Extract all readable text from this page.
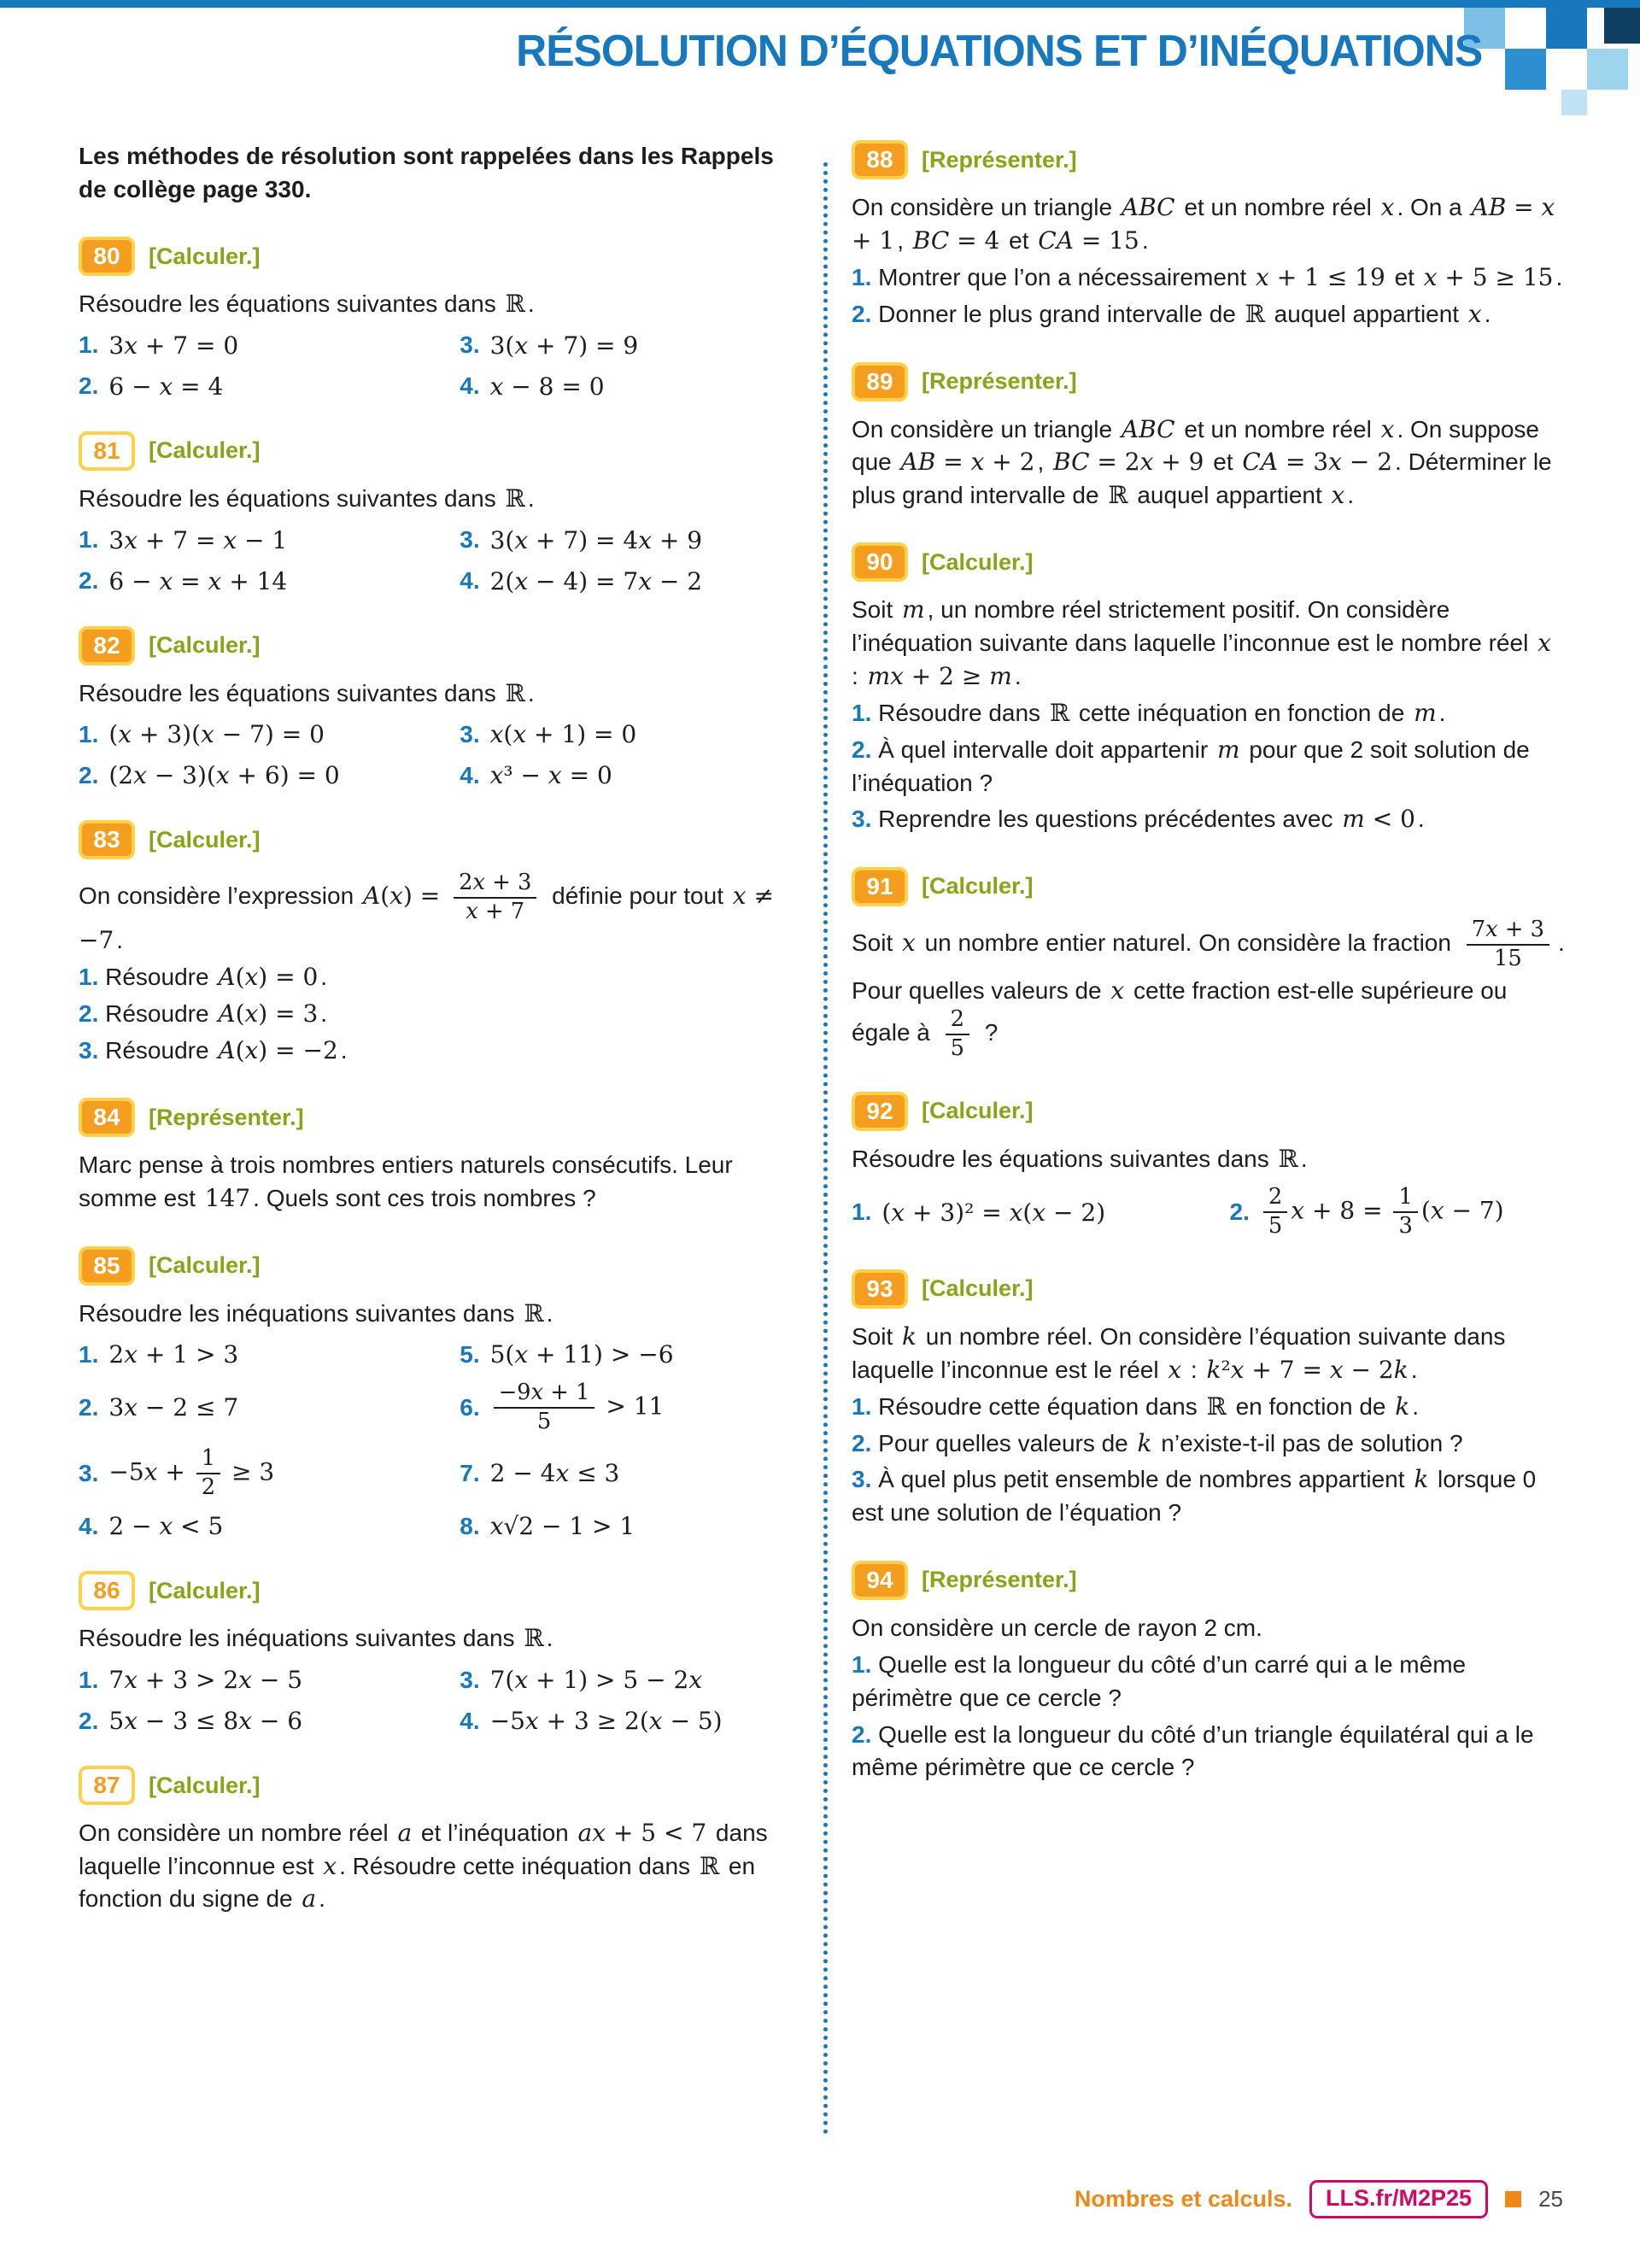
RÉSOLUTION D’ÉQUATIONS ET D’INÉQUATIONS

Les méthodes de résolution sont rappelées dans les Rappels de collège page 330.

80	[Calculer.]

Résoudre les équations suivantes dans ℝ .

1. 3x + 7 = 0	3. 3(x + 7) = 9
2. 6 − x = 4	4. x − 8 = 0
81	[Calculer.]

Résoudre les équations suivantes dans ℝ .

1. 3x + 7 = x − 1	3. 3(x + 7) = 4x + 9
2. 6 − x = x + 14	4. 2(x − 4) = 7x − 2
82	[Calculer.]

Résoudre les équations suivantes dans ℝ .

1. (x + 3)(x − 7) = 0	3. x(x + 1) = 0
2. (2x − 3)(x + 6) = 0	4. x³ − x = 0
83	[Calculer.]

On considère l’expression $A(x) = \frac{2x + 3}{x + 7}$ définie pour tout x ≠ −7 .

1. Résoudre A(x) = 0 .

2. Résoudre A(x) = 3 .

3. Résoudre A(x) = −2 .

84	[Représenter.]

Marc pense à trois nombres entiers naturels consécutifs. Leur somme est 147 . Quels sont ces trois nombres ?

85	[Calculer.]

Résoudre les inéquations suivantes dans ℝ .

1. 2x + 1 > 3	5. 5(x + 11) > −6
2. 3x − 2 ≤ 7	6. $\frac{-9x + 1}{5} > 11$
3. $-5x + \frac{1}{2} \ge 3$	7. 2 − 4x ≤ 3
4. 2 − x < 5	8. x√2 − 1 > 1
86	[Calculer.]

Résoudre les inéquations suivantes dans ℝ .

1. 7x + 3 > 2x − 5	3. 7(x + 1) > 5 − 2x
2. 5x − 3 ≤ 8x − 6	4. −5x + 3 ≥ 2(x − 5)
87	[Calculer.]

On considère un nombre réel a et l’inéquation ax + 5 < 7 dans laquelle l’inconnue est x . Résoudre cette inéquation dans ℝ en fonction du signe de a .

88	[Représenter.]

On considère un triangle ABC et un nombre réel x . On a AB = x + 1 , BC = 4 et CA = 15 .

1. Montrer que l’on a nécessairement x + 1 ≤ 19 et x + 5 ≥ 15 .

2. Donner le plus grand intervalle de ℝ auquel appartient x .

89	[Représenter.]

On considère un triangle ABC et un nombre réel x . On suppose que AB = x + 2 , BC = 2x + 9 et CA = 3x − 2 . Déterminer le plus grand intervalle de ℝ auquel appartient x .

90	[Calculer.]

Soit m , un nombre réel strictement positif. On considère l’inéquation suivante dans laquelle l’inconnue est le nombre réel x : mx + 2 ≥ m .

1. Résoudre dans ℝ cette inéquation en fonction de m .

2. À quel intervalle doit appartenir m pour que 2 soit solution de l’inéquation ?

3. Reprendre les questions précédentes avec m < 0 .

91	[Calculer.]

Soit x un nombre entier naturel. On considère la fraction $\frac{7x + 3}{15}$ .

Pour quelles valeurs de x cette fraction est-elle supérieure ou égale à $\frac{2}{5}$ ?

92	[Calculer.]

Résoudre les équations suivantes dans ℝ .

1. (x + 3)² = x(x − 2)	2. $\frac{2}{5}$ $x + 8 = \frac{1}{3} (x - 7)$
93	[Calculer.]

Soit k un nombre réel. On considère l’équation suivante dans laquelle l’inconnue est le réel x : k²x + 7 = x − 2k .

1. Résoudre cette équation dans ℝ en fonction de k .

2. Pour quelles valeurs de k n’existe-t-il pas de solution ?

3. À quel plus petit ensemble de nombres appartient k lorsque 0 est une solution de l’équation ?

94	[Représenter.]

On considère un cercle de rayon 2 cm.

1. Quelle est la longueur du côté d’un carré qui a le même périmètre que ce cercle ?

2. Quelle est la longueur du côté d’un triangle équilatéral qui a le même périmètre que ce cercle ?

Nombres et calculs.	LLS.fr/M2P25	25
